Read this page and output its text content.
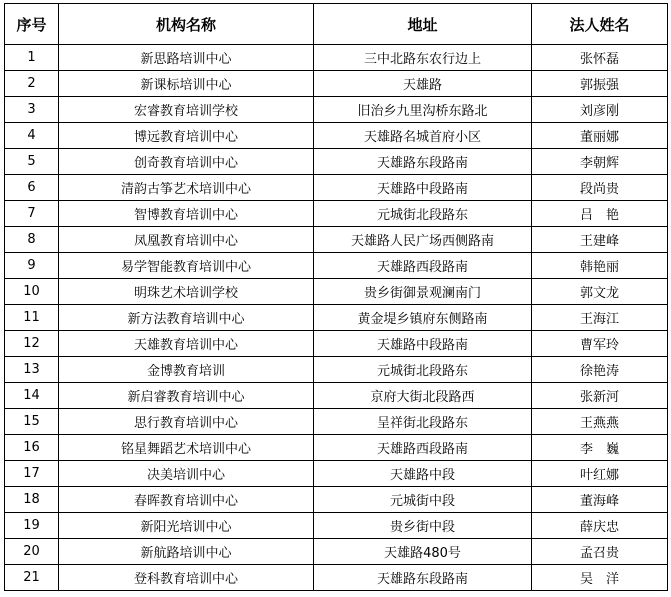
序号	机构名称	地址	法人姓名
1	新思路培训中心	三中北路东农行边上	张怀磊
2	新课标培训中心	天雄路	郭振强
3	宏睿教育培训学校	旧治乡九里沟桥东路北	刘彦刚
4	博远教育培训中心	天雄路名城首府小区	董丽娜
5	创奇教育培训中心	天雄路东段路南	李朝辉
6	清韵古筝艺术培训中心	天雄路中段路南	段尚贵
7	智博教育培训中心	元城街北段路东	吕　艳
8	凤凰教育培训中心	天雄路人民广场西侧路南	王建峰
9	易学智能教育培训中心	天雄路西段路南	韩艳丽
10	明珠艺术培训学校	贵乡街御景观澜南门	郭文龙
11	新方法教育培训中心	黄金堤乡镇府东侧路南	王海江
12	天雄教育培训中心	天雄路中段路南	曹军玲
13	金博教育培训	元城街北段路东	徐艳涛
14	新启睿教育培训中心	京府大街北段路西	张新河
15	思行教育培训中心	呈祥街北段路东	王燕燕
16	铭星舞蹈艺术培训中心	天雄路西段路南	李　巍
17	决美培训中心	天雄路中段	叶红娜
18	春晖教育培训中心	元城街中段	董海峰
19	新阳光培训中心	贵乡街中段	薛庆忠
20	新航路培训中心	天雄路480号	孟召贵
21	登科教育培训中心	天雄路东段路南	吴　洋
